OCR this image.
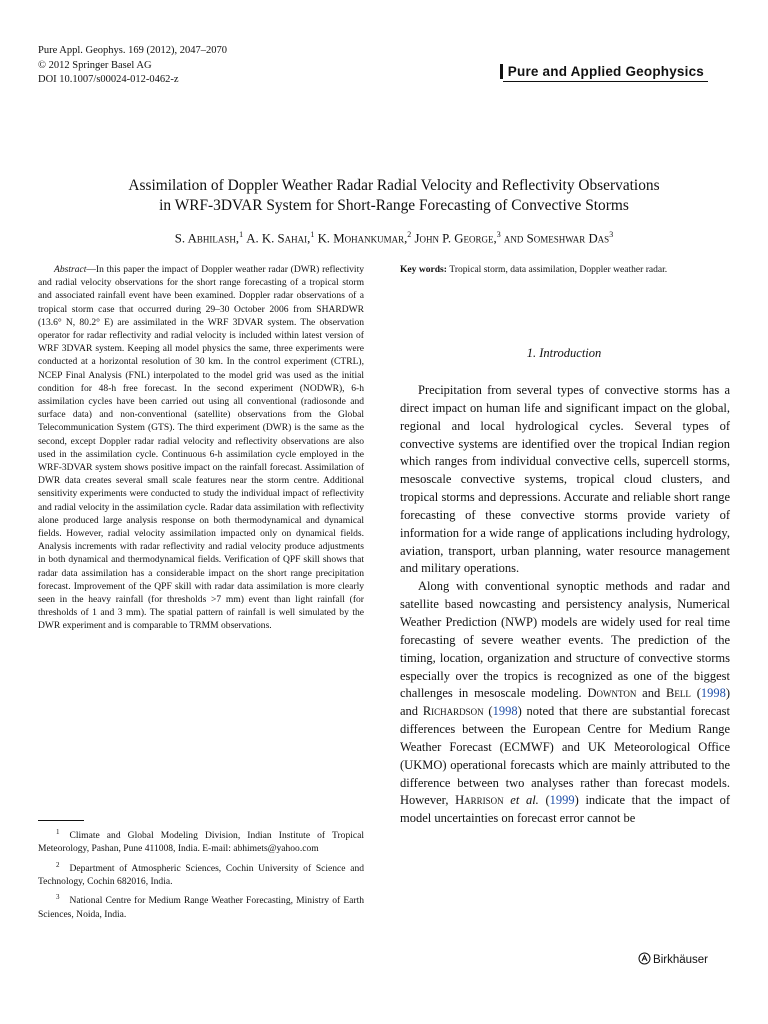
Pure Appl. Geophys. 169 (2012), 2047–2070
© 2012 Springer Basel AG
DOI 10.1007/s00024-012-0462-z
Pure and Applied Geophysics
Assimilation of Doppler Weather Radar Radial Velocity and Reflectivity Observations
in WRF-3DVAR System for Short-Range Forecasting of Convective Storms
S. Abhilash,$^1$ A. K. Sahai,$^1$ K. Mohankumar,$^2$ John P. George,$^3$ and Someshwar Das$^3$
Abstract—In this paper the impact of Doppler weather radar (DWR) reflectivity and radial velocity observations for the short range forecasting of a tropical storm and associated rainfall event have been examined. Doppler radar observations of a tropical storm case that occurred during 29–30 October 2006 from SHARDWR (13.6° N, 80.2° E) are assimilated in the WRF 3DVAR system. The observation operator for radar reflectivity and radial velocity is included within latest version of WRF 3DVAR system. Keeping all model physics the same, three experiments were conducted at a horizontal resolution of 30 km. In the control experiment (CTRL), NCEP Final Analysis (FNL) interpolated to the model grid was used as the initial condition for 48-h free forecast. In the second experiment (NODWR), 6-h assimilation cycles have been carried out using all conventional (radiosonde and surface data) and non-conventional (satellite) observations from the Global Telecommunication System (GTS). The third experiment (DWR) is the same as the second, except Doppler radar radial velocity and reflectivity observations are also used in the assimilation cycle. Continuous 6-h assimilation cycle employed in the WRF-3DVAR system shows positive impact on the rainfall forecast. Assimilation of DWR data creates several small scale features near the storm centre. Additional sensitivity experiments were conducted to study the individual impact of reflectivity and radial velocity in the assimilation cycle. Radar data assimilation with reflectivity alone produced large analysis response on both thermodynamical and dynamical fields. However, radial velocity assimilation impacted only on dynamical fields. Analysis increments with radar reflectivity and radial velocity produce adjustments in both dynamical and thermodynamical fields. Verification of QPF skill shows that radar data assimilation has a considerable impact on the short range precipitation forecast. Improvement of the QPF skill with radar data assimilation is more clearly seen in the heavy rainfall (for thresholds >7 mm) event than light rainfall (for thresholds of 1 and 3 mm). The spatial pattern of rainfall is well simulated by the DWR experiment and is comparable to TRMM observations.
Key words: Tropical storm, data assimilation, Doppler weather radar.
1. Introduction

Precipitation from several types of convective storms has a direct impact on human life and significant impact on the global, regional and local hydrological cycles. Several types of convective systems are identified over the tropical Indian region which ranges from individual convective cells, supercell storms, mesoscale convective systems, tropical cloud clusters, and tropical storms and depressions. Accurate and reliable short range forecasting of these convective storms provide variety of information for a wide range of applications including hydrology, aviation, transport, urban planning, water resource management and military operations.

Along with conventional synoptic methods and radar and satellite based nowcasting and persistency analysis, Numerical Weather Prediction (NWP) models are widely used for real time forecasting of severe weather events. The prediction of the timing, location, organization and structure of convective storms especially over the tropics is recognized as one of the biggest challenges in mesoscale modeling. Downton and Bell (1998) and Richardson (1998) noted that there are substantial forecast differences between the European Centre for Medium Range Weather Forecast (ECMWF) and UK Meteorological Office (UKMO) operational forecasts which are mainly attributed to the difference between two analyses rather than forecast models. However, Harrison et al. (1999) indicate that the impact of model uncertainties on forecast error cannot be

$^1$ Climate and Global Modeling Division, Indian Institute of Tropical Meteorology, Pashan, Pune 411008, India. E-mail: abhimets@yahoo.com

$^2$ Department of Atmospheric Sciences, Cochin University of Science and Technology, Cochin 682016, India.

$^3$ National Centre for Medium Range Weather Forecasting, Ministry of Earth Sciences, Noida, India.

Birkhäuser
